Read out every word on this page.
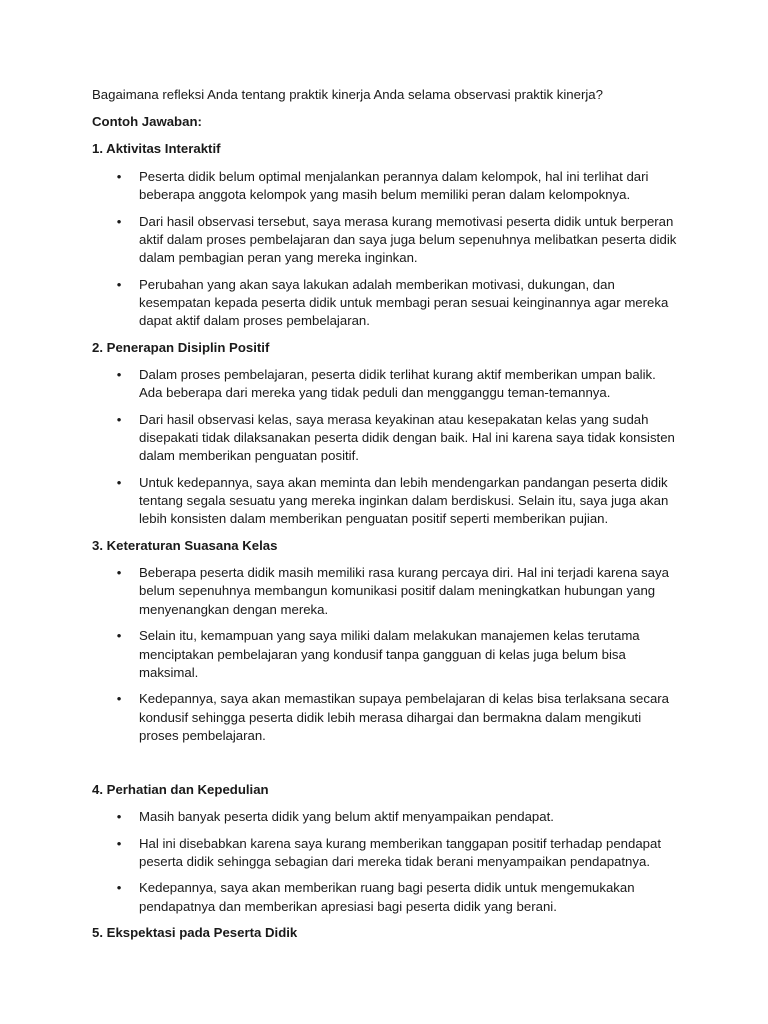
Bagaimana refleksi Anda tentang praktik kinerja Anda selama observasi praktik kinerja?

Contoh Jawaban:

1. Aktivitas Interaktif

• Peserta didik belum optimal menjalankan perannya dalam kelompok, hal ini terlihat dari beberapa anggota kelompok yang masih belum memiliki peran dalam kelompoknya.
• Dari hasil observasi tersebut, saya merasa kurang memotivasi peserta didik untuk berperan aktif dalam proses pembelajaran dan saya juga belum sepenuhnya melibatkan peserta didik dalam pembagian peran yang mereka inginkan.
• Perubahan yang akan saya lakukan adalah memberikan motivasi, dukungan, dan kesempatan kepada peserta didik untuk membagi peran sesuai keinginannya agar mereka dapat aktif dalam proses pembelajaran.

2. Penerapan Disiplin Positif

• Dalam proses pembelajaran, peserta didik terlihat kurang aktif memberikan umpan balik. Ada beberapa dari mereka yang tidak peduli dan mengganggu teman-temannya.
• Dari hasil observasi kelas, saya merasa keyakinan atau kesepakatan kelas yang sudah disepakati tidak dilaksanakan peserta didik dengan baik. Hal ini karena saya tidak konsisten dalam memberikan penguatan positif.
• Untuk kedepannya, saya akan meminta dan lebih mendengarkan pandangan peserta didik tentang segala sesuatu yang mereka inginkan dalam berdiskusi. Selain itu, saya juga akan lebih konsisten dalam memberikan penguatan positif seperti memberikan pujian.

3. Keteraturan Suasana Kelas

• Beberapa peserta didik masih memiliki rasa kurang percaya diri. Hal ini terjadi karena saya belum sepenuhnya membangun komunikasi positif dalam meningkatkan hubungan yang menyenangkan dengan mereka.
• Selain itu, kemampuan yang saya miliki dalam melakukan manajemen kelas terutama menciptakan pembelajaran yang kondusif tanpa gangguan di kelas juga belum bisa maksimal.
• Kedepannya, saya akan memastikan supaya pembelajaran di kelas bisa terlaksana secara kondusif sehingga peserta didik lebih merasa dihargai dan bermakna dalam mengikuti proses pembelajaran.

4. Perhatian dan Kepedulian

• Masih banyak peserta didik yang belum aktif menyampaikan pendapat.
• Hal ini disebabkan karena saya kurang memberikan tanggapan positif terhadap pendapat peserta didik sehingga sebagian dari mereka tidak berani menyampaikan pendapatnya.
• Kedepannya, saya akan memberikan ruang bagi peserta didik untuk mengemukakan pendapatnya dan memberikan apresiasi bagi peserta didik yang berani.

5. Ekspektasi pada Peserta Didik
